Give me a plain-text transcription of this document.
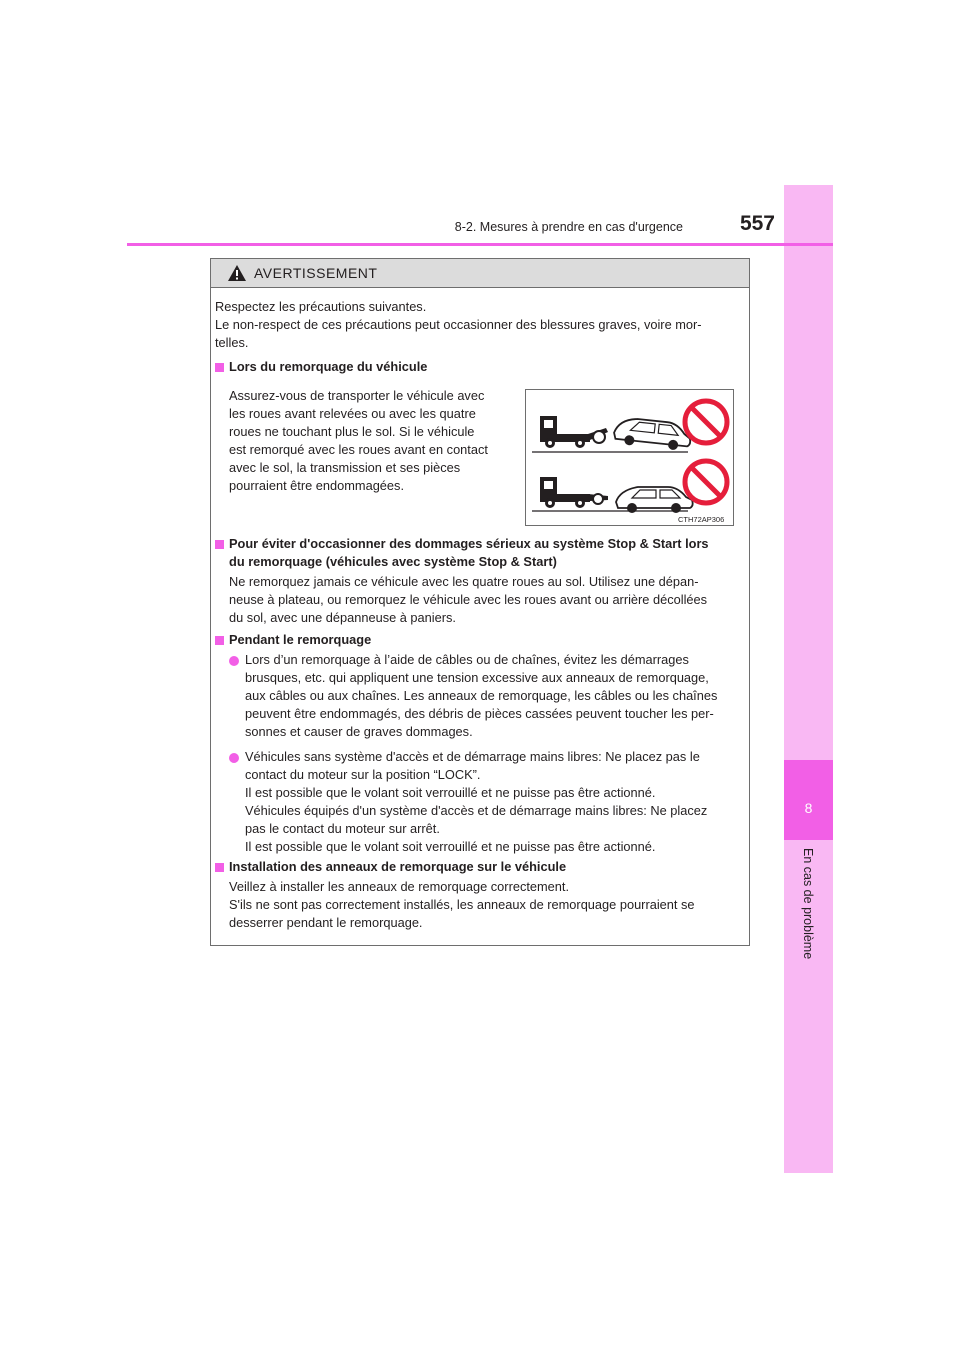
8
En cas de problème
8-2. Mesures à prendre en cas d'urgence	557
AVERTISSEMENT
Respectez les précautions suivantes.
Le non-respect de ces précautions peut occasionner des blessures graves, voire mor-
telles.
Lors du remorquage du véhicule
Assurez-vous de transporter le véhicule avec
les roues avant relevées ou avec les quatre
roues ne touchant plus le sol. Si le véhicule
est remorqué avec les roues avant en contact
avec le sol, la transmission et ses pièces
pourraient être endommagées.
CTH72AP306
Pour éviter d'occasionner des dommages sérieux au système Stop & Start lors
du remorquage (véhicules avec système Stop & Start)
Ne remorquez jamais ce véhicule avec les quatre roues au sol. Utilisez une dépan-
neuse à plateau, ou remorquez le véhicule avec les roues avant ou arrière décollées
du sol, avec une dépanneuse à paniers.
Pendant le remorquage
Lors d’un remorquage à l’aide de câbles ou de chaînes, évitez les démarrages
brusques, etc. qui appliquent une tension excessive aux anneaux de remorquage,
aux câbles ou aux chaînes. Les anneaux de remorquage, les câbles ou les chaînes
peuvent être endommagés, des débris de pièces cassées peuvent toucher les per-
sonnes et causer de graves dommages.
Véhicules sans système d'accès et de démarrage mains libres: Ne placez pas le
contact du moteur sur la position “LOCK”.
Il est possible que le volant soit verrouillé et ne puisse pas être actionné.
Véhicules équipés d'un système d'accès et de démarrage mains libres: Ne placez
pas le contact du moteur sur arrêt.
Il est possible que le volant soit verrouillé et ne puisse pas être actionné.
Installation des anneaux de remorquage sur le véhicule
Veillez à installer les anneaux de remorquage correctement.
S'ils ne sont pas correctement installés, les anneaux de remorquage pourraient se
desserrer pendant le remorquage.
